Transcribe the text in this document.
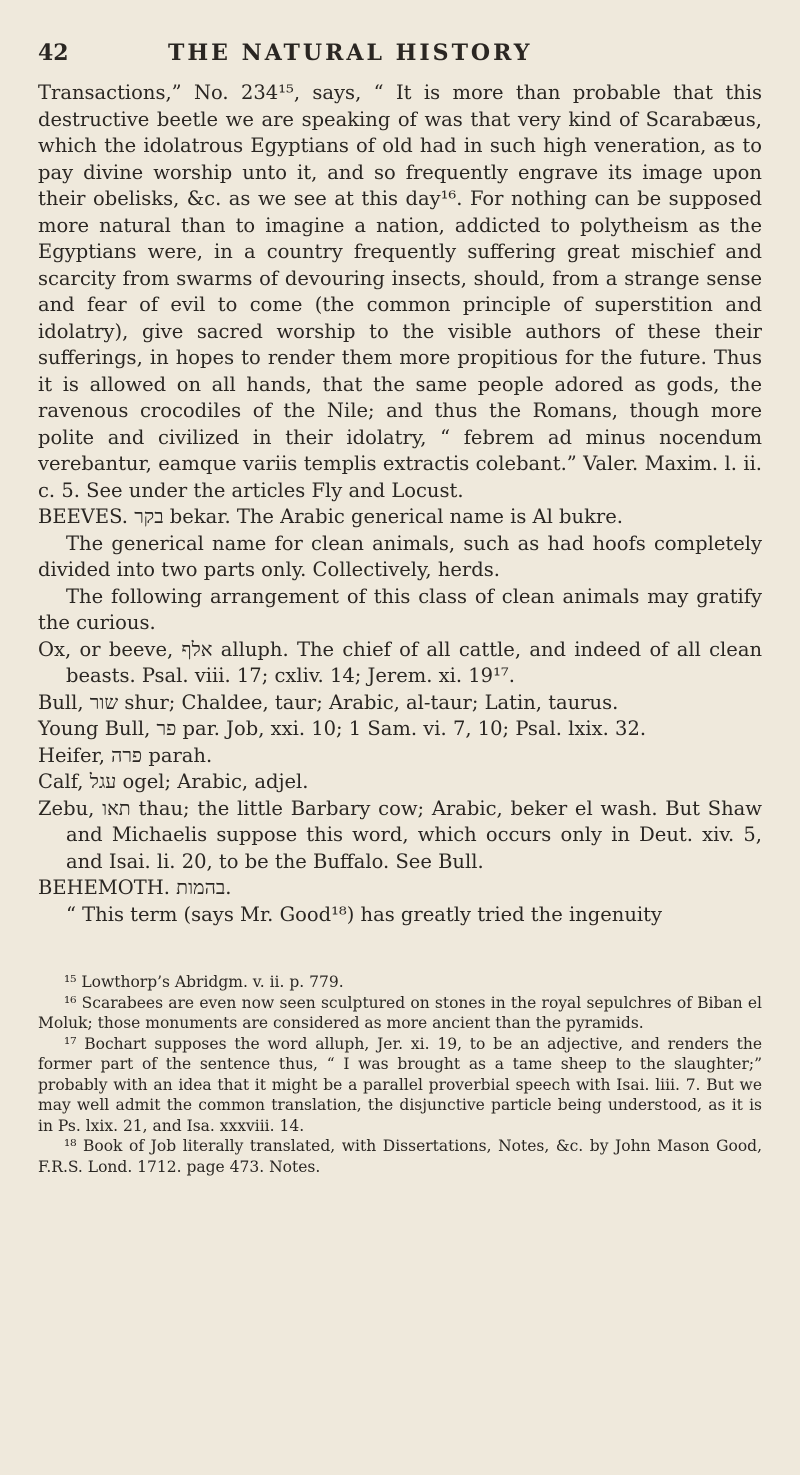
42	THE NATURAL HISTORY

Transactions,” No. 234¹⁵, says, “ It is more than probable that this destructive beetle we are speaking of was that very kind of Scarabæus, which the idolatrous Egyptians of old had in such high veneration, as to pay divine worship unto it, and so frequently engrave its image upon their obelisks, &c. as we see at this day¹⁶. For nothing can be supposed more natural than to imagine a nation, addicted to polytheism as the Egyptians were, in a country frequently suffering great mischief and scarcity from swarms of devouring insects, should, from a strange sense and fear of evil to come (the common principle of superstition and idolatry), give sacred worship to the visible authors of these their sufferings, in hopes to render them more propitious for the future. Thus it is allowed on all hands, that the same people adored as gods, the ravenous crocodiles of the Nile; and thus the Romans, though more polite and civilized in their idolatry, “ febrem ad minus nocendum verebantur, eamque variis templis extractis colebant.” Valer. Maxim. l. ii. c. 5. See under the articles Fly and Locust.

BEEVES. בקר bekar. The Arabic generical name is Al bukre.

The generical name for clean animals, such as had hoofs completely divided into two parts only. Collectively, herds.

The following arrangement of this class of clean animals may gratify the curious.

Ox, or beeve, אלף alluph. The chief of all cattle, and indeed of all clean beasts. Psal. viii. 17; cxliv. 14; Jerem. xi. 19¹⁷.

Bull, שור shur; Chaldee, taur; Arabic, al-taur; Latin, taurus.

Young Bull, פר par. Job, xxi. 10; 1 Sam. vi. 7, 10; Psal. lxix. 32.

Heifer, פרה parah.

Calf, עגל ogel; Arabic, adjel.

Zebu, תאו thau; the little Barbary cow; Arabic, beker el wash. But Shaw and Michaelis suppose this word, which occurs only in Deut. xiv. 5, and Isai. li. 20, to be the Buffalo. See Bull.

BEHEMOTH. בהמות.

“ This term (says Mr. Good¹⁸) has greatly tried the ingenuity

¹⁵ Lowthorp’s Abridgm. v. ii. p. 779.

¹⁶ Scarabees are even now seen sculptured on stones in the royal sepulchres of Biban el Moluk; those monuments are considered as more ancient than the pyramids.

¹⁷ Bochart supposes the word alluph, Jer. xi. 19, to be an adjective, and renders the former part of the sentence thus, “ I was brought as a tame sheep to the slaughter;” probably with an idea that it might be a parallel proverbial speech with Isai. liii. 7. But we may well admit the common translation, the disjunctive particle being understood, as it is in Ps. lxix. 21, and Isa. xxxviii. 14.

¹⁸ Book of Job literally translated, with Dissertations, Notes, &c. by John Mason Good, F.R.S. Lond. 1712. page 473. Notes.
